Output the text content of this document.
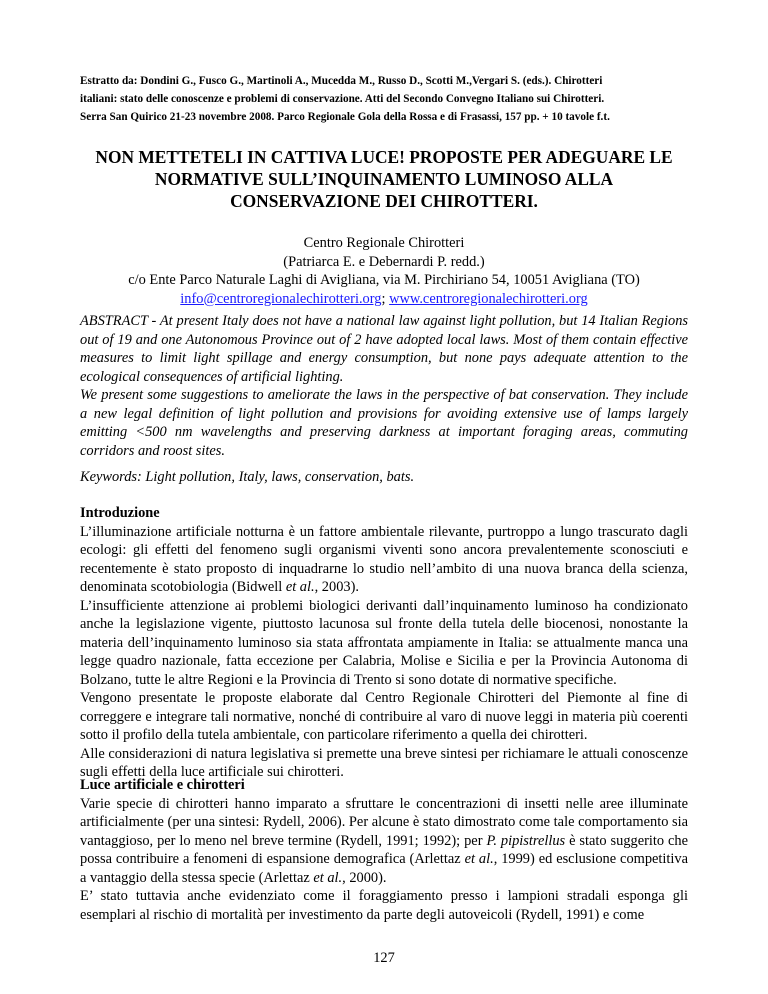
Estratto da: Dondini G., Fusco G., Martinoli A., Mucedda M., Russo D., Scotti M.,Vergari S. (eds.). Chirotteri
italiani: stato delle conoscenze e problemi di conservazione. Atti del Secondo Convegno Italiano sui Chirotteri.
Serra San Quirico 21-23 novembre 2008. Parco Regionale Gola della Rossa e di Frasassi, 157 pp. + 10 tavole f.t.
NON METTETELI IN CATTIVA LUCE! PROPOSTE PER ADEGUARE LE
NORMATIVE SULL’INQUINAMENTO LUMINOSO ALLA
CONSERVAZIONE DEI CHIROTTERI.
Centro Regionale Chirotteri
(Patriarca E. e Debernardi P. redd.)
c/o Ente Parco Naturale Laghi di Avigliana, via M. Pirchiriano 54, 10051 Avigliana (TO)
info@centroregionalechirotteri.org; www.centroregionalechirotteri.org

ABSTRACT - At present Italy does not have a national law against light pollution, but 14 Italian Regions out of 19 and one Autonomous Province out of 2 have adopted local laws. Most of them contain effective measures to limit light spillage and energy consumption, but none pays adequate attention to the ecological consequences of artificial lighting.

We present some suggestions to ameliorate the laws in the perspective of bat conservation. They include a new legal definition of light pollution and provisions for avoiding extensive use of lamps largely emitting <500 nm wavelengths and preserving darkness at important foraging areas, commuting corridors and roost sites.

Keywords: Light pollution, Italy, laws, conservation, bats.
Introduzione

L’illuminazione artificiale notturna è un fattore ambientale rilevante, purtroppo a lungo trascurato dagli ecologi: gli effetti del fenomeno sugli organismi viventi sono ancora prevalentemente sconosciuti e recentemente è stato proposto di inquadrarne lo studio nell’ambito di una nuova branca della scienza, denominata scotobiologia (Bidwell et al., 2003).

L’insufficiente attenzione ai problemi biologici derivanti dall’inquinamento luminoso ha condizionato anche la legislazione vigente, piuttosto lacunosa sul fronte della tutela delle biocenosi, nonostante la materia dell’inquinamento luminoso sia stata affrontata ampiamente in Italia: se attualmente manca una legge quadro nazionale, fatta eccezione per Calabria, Molise e Sicilia e per la Provincia Autonoma di Bolzano, tutte le altre Regioni e la Provincia di Trento si sono dotate di normative specifiche.

Vengono presentate le proposte elaborate dal Centro Regionale Chirotteri del Piemonte al fine di correggere e integrare tali normative, nonché di contribuire al varo di nuove leggi in materia più coerenti sotto il profilo della tutela ambientale, con particolare riferimento a quella dei chirotteri.

Alle considerazioni di natura legislativa si premette una breve sintesi per richiamare le attuali conoscenze sugli effetti della luce artificiale sui chirotteri.

Luce artificiale e chirotteri

Varie specie di chirotteri hanno imparato a sfruttare le concentrazioni di insetti nelle aree illuminate artificialmente (per una sintesi: Rydell, 2006). Per alcune è stato dimostrato come tale comportamento sia vantaggioso, per lo meno nel breve termine (Rydell, 1991; 1992); per P. pipistrellus è stato suggerito che possa contribuire a fenomeni di espansione demografica (Arlettaz et al., 1999) ed esclusione competitiva a vantaggio della stessa specie (Arlettaz et al., 2000).

E’ stato tuttavia anche evidenziato come il foraggiamento presso i lampioni stradali esponga gli esemplari al rischio di mortalità per investimento da parte degli autoveicoli (Rydell, 1991) e come

127
